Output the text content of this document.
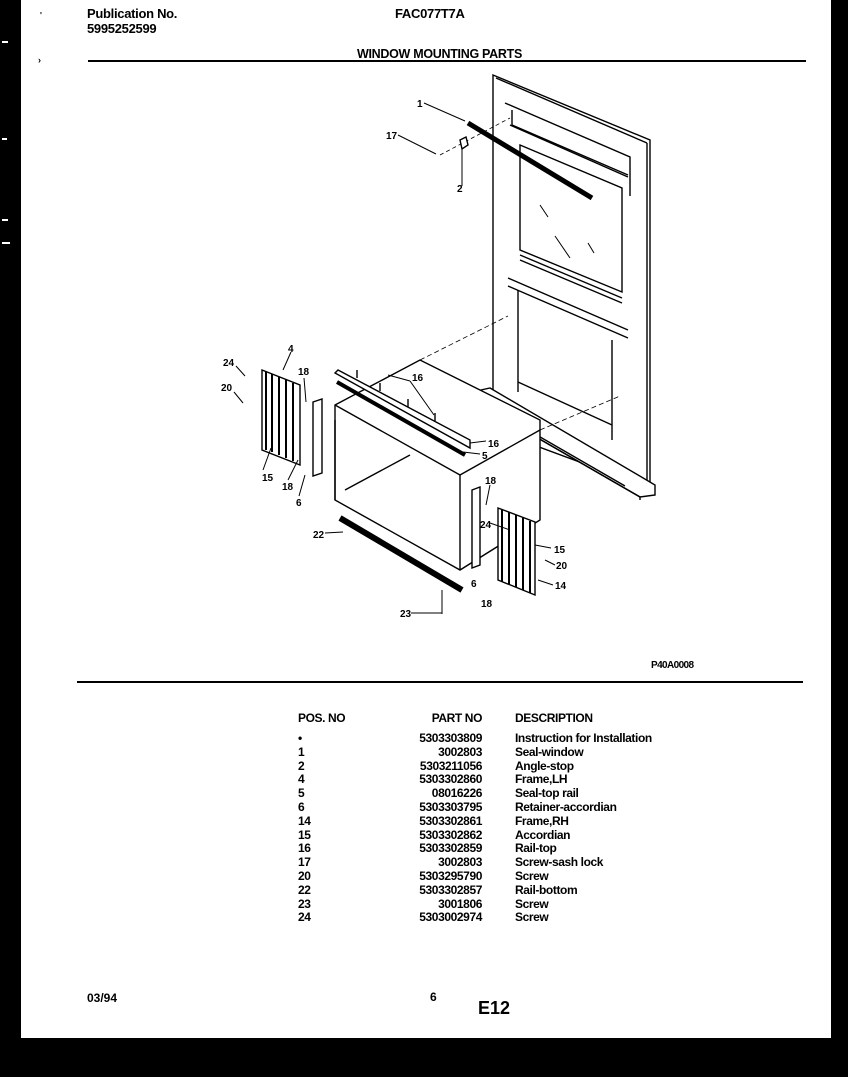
Publication No.
5995252599
FAC077T7A
WINDOW MOUNTING PARTS
'
›
1
17
2
24
4
20
18
16
15
18
6
16
5
18
24
22
15
20
14
6
18
23
P40A0008
POS. NO	PART NO	DESCRIPTION
•	5303303809	Instruction for Installation
1	3002803	Seal-window
2	5303211056	Angle-stop
4	5303302860	Frame,LH
5	08016226	Seal-top rail
6	5303303795	Retainer-accordian
14	5303302861	Frame,RH
15	5303302862	Accordian
16	5303302859	Rail-top
17	3002803	Screw-sash lock
20	5303295790	Screw
22	5303302857	Rail-bottom
23	3001806	Screw
24	5303002974	Screw
03/94	6
E12
